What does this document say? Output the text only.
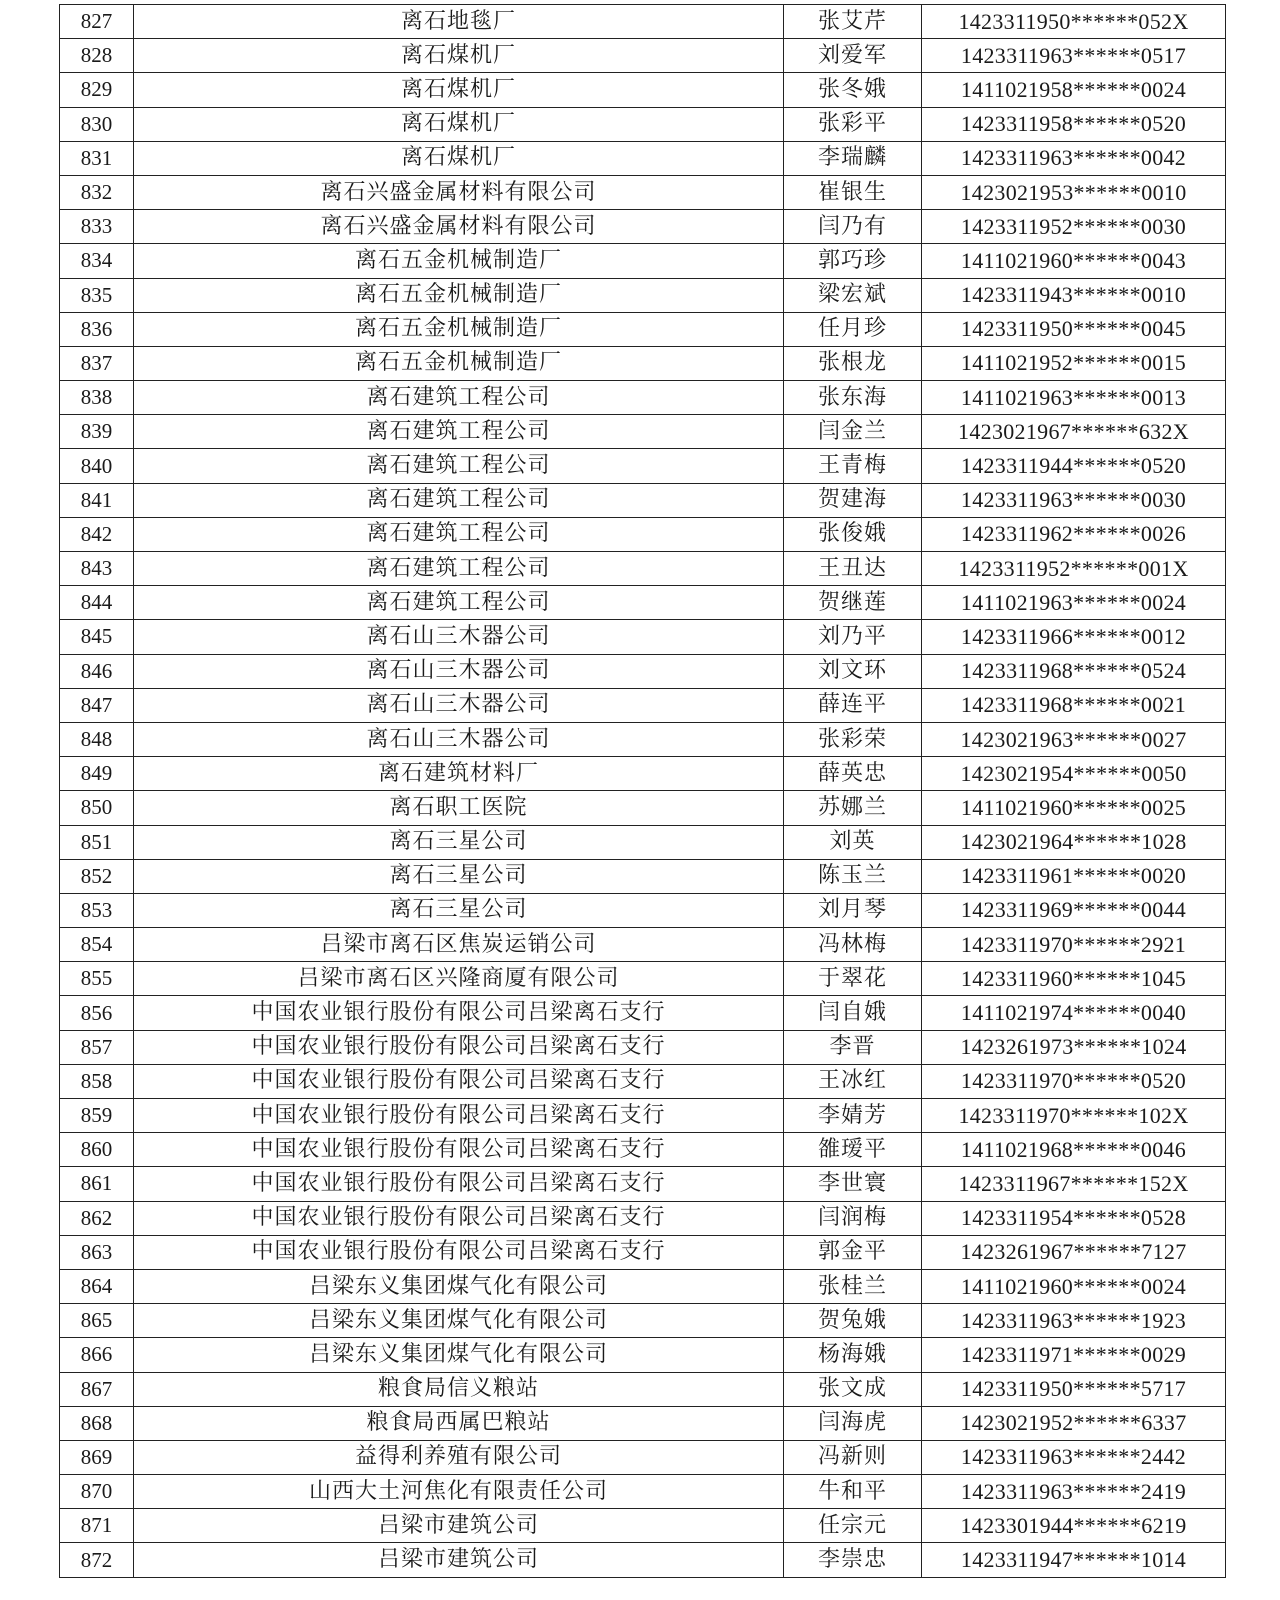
827	离石地毯厂	张艾芹	1423311950******052X
828	离石煤机厂	刘爱军	1423311963******0517
829	离石煤机厂	张冬娥	1411021958******0024
830	离石煤机厂	张彩平	1423311958******0520
831	离石煤机厂	李瑞麟	1423311963******0042
832	离石兴盛金属材料有限公司	崔银生	1423021953******0010
833	离石兴盛金属材料有限公司	闫乃有	1423311952******0030
834	离石五金机械制造厂	郭巧珍	1411021960******0043
835	离石五金机械制造厂	梁宏斌	1423311943******0010
836	离石五金机械制造厂	任月珍	1423311950******0045
837	离石五金机械制造厂	张根龙	1411021952******0015
838	离石建筑工程公司	张东海	1411021963******0013
839	离石建筑工程公司	闫金兰	1423021967******632X
840	离石建筑工程公司	王青梅	1423311944******0520
841	离石建筑工程公司	贺建海	1423311963******0030
842	离石建筑工程公司	张俊娥	1423311962******0026
843	离石建筑工程公司	王丑达	1423311952******001X
844	离石建筑工程公司	贺继莲	1411021963******0024
845	离石山三木器公司	刘乃平	1423311966******0012
846	离石山三木器公司	刘文环	1423311968******0524
847	离石山三木器公司	薛连平	1423311968******0021
848	离石山三木器公司	张彩荣	1423021963******0027
849	离石建筑材料厂	薛英忠	1423021954******0050
850	离石职工医院	苏娜兰	1411021960******0025
851	离石三星公司	刘英	1423021964******1028
852	离石三星公司	陈玉兰	1423311961******0020
853	离石三星公司	刘月琴	1423311969******0044
854	吕梁市离石区焦炭运销公司	冯林梅	1423311970******2921
855	吕梁市离石区兴隆商厦有限公司	于翠花	1423311960******1045
856	中国农业银行股份有限公司吕梁离石支行	闫自娥	1411021974******0040
857	中国农业银行股份有限公司吕梁离石支行	李晋	1423261973******1024
858	中国农业银行股份有限公司吕梁离石支行	王冰红	1423311970******0520
859	中国农业银行股份有限公司吕梁离石支行	李婧芳	1423311970******102X
860	中国农业银行股份有限公司吕梁离石支行	雒瑷平	1411021968******0046
861	中国农业银行股份有限公司吕梁离石支行	李世寰	1423311967******152X
862	中国农业银行股份有限公司吕梁离石支行	闫润梅	1423311954******0528
863	中国农业银行股份有限公司吕梁离石支行	郭金平	1423261967******7127
864	吕梁东义集团煤气化有限公司	张桂兰	1411021960******0024
865	吕梁东义集团煤气化有限公司	贺兔娥	1423311963******1923
866	吕梁东义集团煤气化有限公司	杨海娥	1423311971******0029
867	粮食局信义粮站	张文成	1423311950******5717
868	粮食局西属巴粮站	闫海虎	1423021952******6337
869	益得利养殖有限公司	冯新则	1423311963******2442
870	山西大土河焦化有限责任公司	牛和平	1423311963******2419
871	吕梁市建筑公司	任宗元	1423301944******6219
872	吕梁市建筑公司	李崇忠	1423311947******1014
